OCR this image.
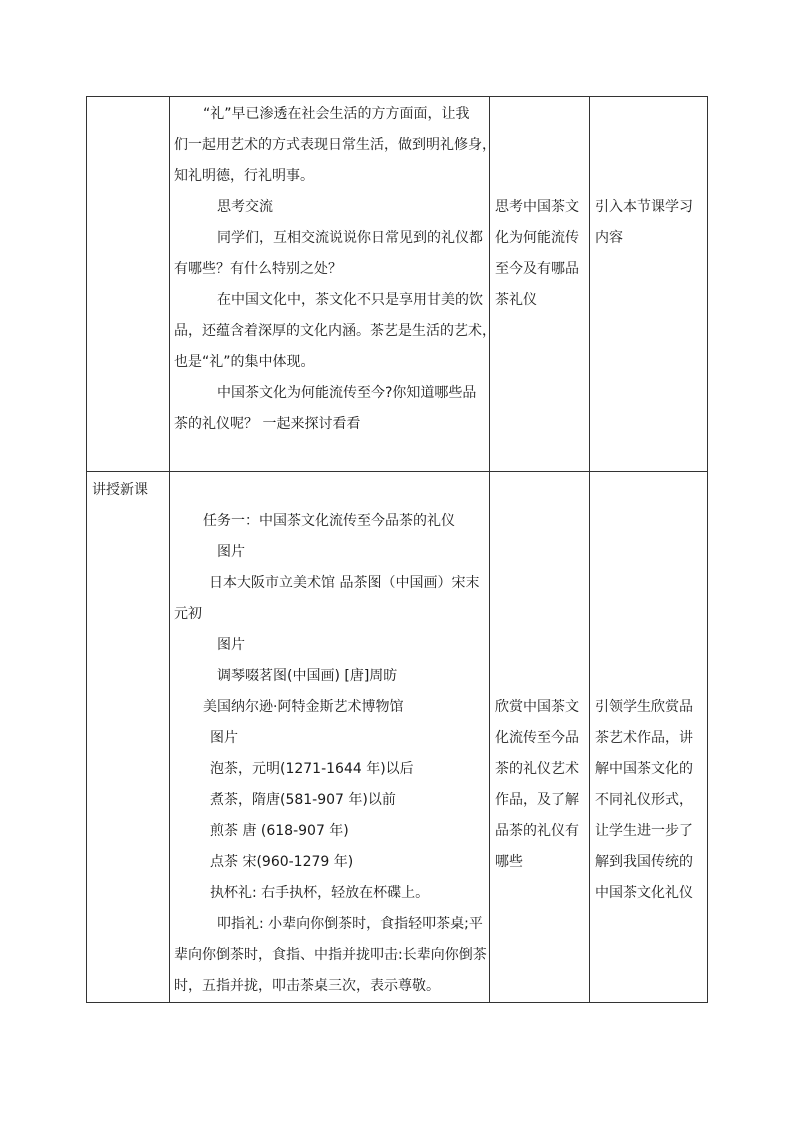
“礼”早已渗透在社会生活的方方面面，让我
们一起用艺术的方式表现日常生活，做到明礼修身，
知礼明德，行礼明事。
思考交流
同学们，互相交流说说你日常见到的礼仪都
有哪些？有什么特别之处？
在中国文化中，茶文化不只是享用甘美的饮
品，还蕴含着深厚的文化内涵。茶艺是生活的艺术，
也是“礼”的集中体现。
中国茶文化为何能流传至今?你知道哪些品
茶的礼仪呢？ 一起来探讨看看
思考中国茶文
化为何能流传
至今及有哪品
茶礼仪
引入本节课学习
内容
讲授新课
任务一：中国茶文化流传至今品茶的礼仪
图片
日本大阪市立美术馆 品茶图（中国画）宋末
元初
图片
调琴啜茗图(中国画) [唐]周昉
美国纳尔逊·阿特金斯艺术博物馆
图片
泡茶，元明(1271-1644 年)以后
煮茶，隋唐(581-907 年)以前
煎茶 唐 (618-907 年)
点茶 宋(960-1279 年)
执杯礼: 右手执杯，轻放在杯碟上。
叩指礼: 小辈向你倒茶时，食指轻叩茶桌;平
辈向你倒茶时，食指、中指并拢叩击:长辈向你倒茶
时，五指并拢，叩击茶桌三次，表示尊敬。
欣赏中国茶文
化流传至今品
茶的礼仪艺术
作品，及了解
品茶的礼仪有
哪些
引领学生欣赏品
茶艺术作品，讲
解中国茶文化的
不同礼仪形式，
让学生进一步了
解到我国传统的
中国茶文化礼仪
